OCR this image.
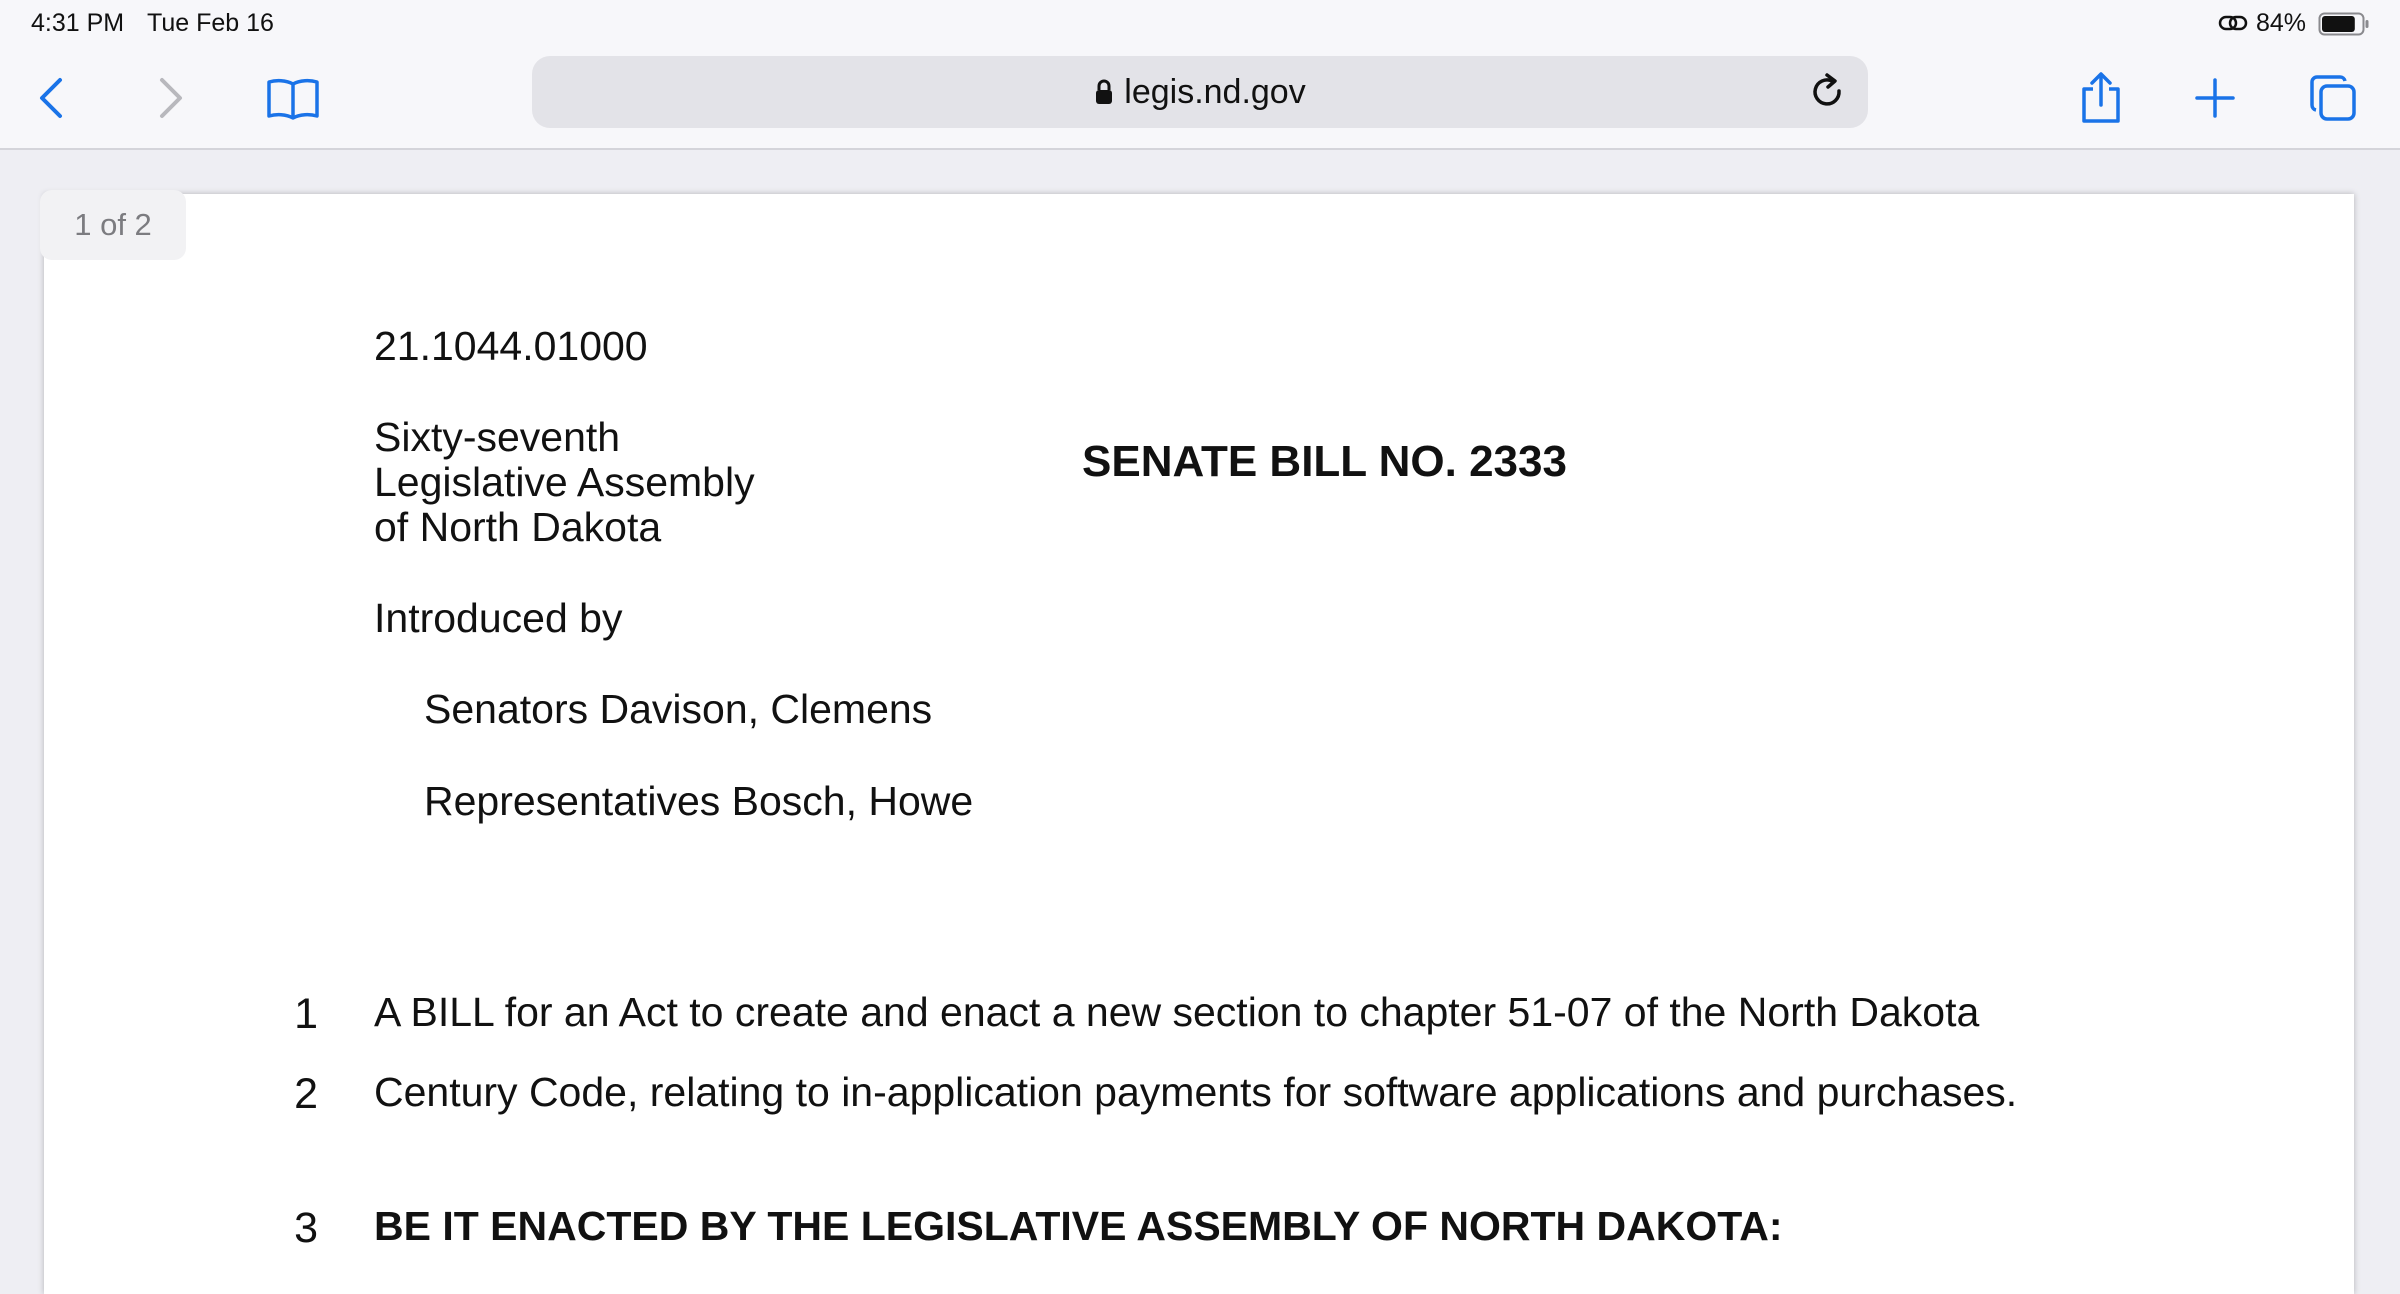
4:31 PM Tue Feb 16	84%
legis.nd.gov
21.1044.01000
Sixty-seventh
Legislative Assembly
of North Dakota
SENATE BILL NO. 2333
Introduced by
Senators Davison, Clemens
Representatives Bosch, Howe
1 A BILL for an Act to create and enact a new section to chapter 51-07 of the North Dakota
2 Century Code, relating to in-application payments for software applications and purchases.
3 BE IT ENACTED BY THE LEGISLATIVE ASSEMBLY OF NORTH DAKOTA:
1 of 2
